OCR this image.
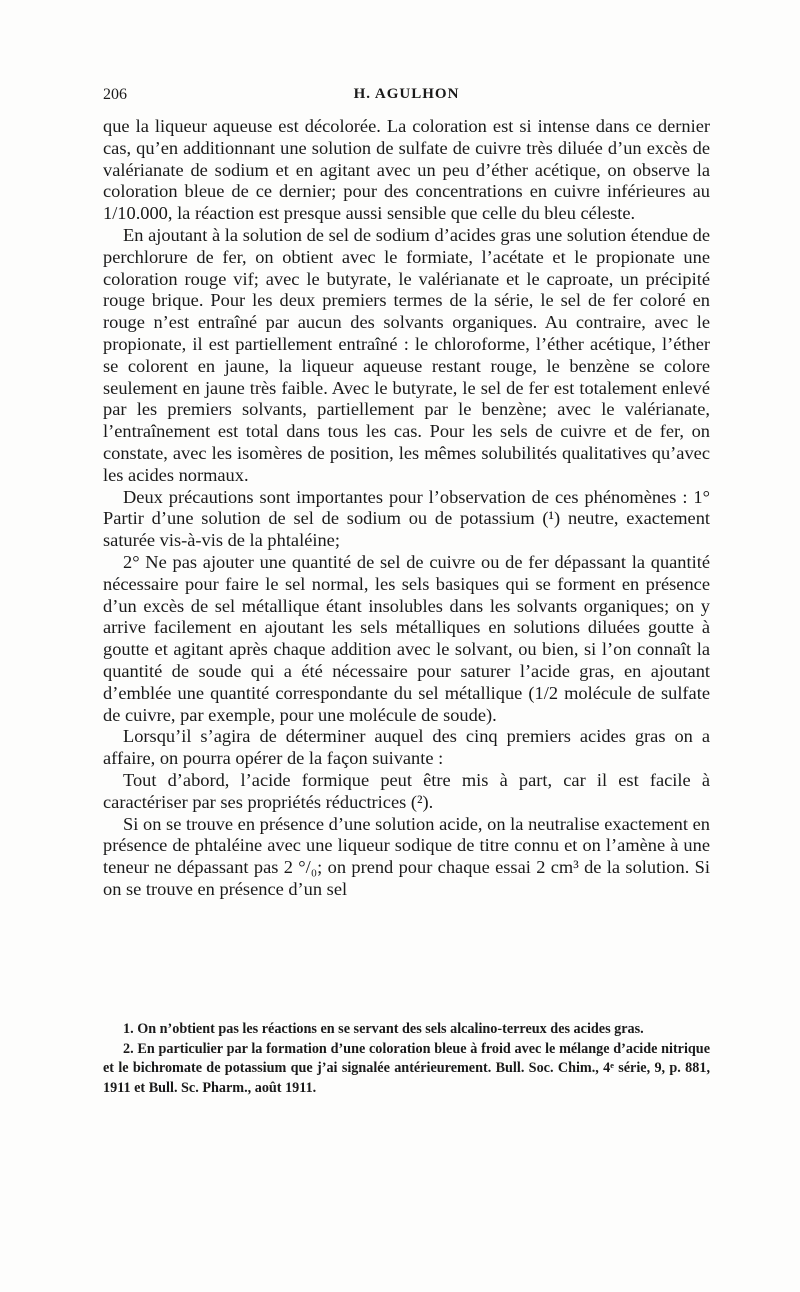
206	H. AGULHON

que la liqueur aqueuse est décolorée. La coloration est si intense dans ce dernier cas, qu’en additionnant une solution de sulfate de cuivre très diluée d’un excès de valérianate de sodium et en agitant avec un peu d’éther acétique, on observe la coloration bleue de ce dernier; pour des concentrations en cuivre inférieures au 1/10.000, la réaction est presque aussi sensible que celle du bleu céleste.

En ajoutant à la solution de sel de sodium d’acides gras une solution étendue de perchlorure de fer, on obtient avec le formiate, l’acétate et le propionate une coloration rouge vif; avec le butyrate, le valérianate et le caproate, un précipité rouge brique. Pour les deux premiers termes de la série, le sel de fer coloré en rouge n’est entraîné par aucun des solvants organiques. Au contraire, avec le propionate, il est partiellement entraîné : le chloroforme, l’éther acétique, l’éther se colorent en jaune, la liqueur aqueuse restant rouge, le benzène se colore seulement en jaune très faible. Avec le butyrate, le sel de fer est totalement enlevé par les premiers solvants, partiellement par le benzène; avec le valérianate, l’entraînement est total dans tous les cas. Pour les sels de cuivre et de fer, on constate, avec les isomères de position, les mêmes solubilités qualitatives qu’avec les acides normaux.

Deux précautions sont importantes pour l’observation de ces phénomènes : 1° Partir d’une solution de sel de sodium ou de potassium (¹) neutre, exactement saturée vis-à-vis de la phtaléine;

2° Ne pas ajouter une quantité de sel de cuivre ou de fer dépassant la quantité nécessaire pour faire le sel normal, les sels basiques qui se forment en présence d’un excès de sel métallique étant insolubles dans les solvants organiques; on y arrive facilement en ajoutant les sels métalliques en solutions diluées goutte à goutte et agitant après chaque addition avec le solvant, ou bien, si l’on connaît la quantité de soude qui a été nécessaire pour saturer l’acide gras, en ajoutant d’emblée une quantité correspondante du sel métallique (1/2 molécule de sulfate de cuivre, par exemple, pour une molécule de soude).

Lorsqu’il s’agira de déterminer auquel des cinq premiers acides gras on a affaire, on pourra opérer de la façon suivante :

Tout d’abord, l’acide formique peut être mis à part, car il est facile à caractériser par ses propriétés réductrices (²).

Si on se trouve en présence d’une solution acide, on la neutralise exactement en présence de phtaléine avec une liqueur sodique de titre connu et on l’amène à une teneur ne dépassant pas 2 °/₀; on prend pour chaque essai 2 cm³ de la solution. Si on se trouve en présence d’un sel

1. On n’obtient pas les réactions en se servant des sels alcalino-terreux des acides gras.

2. En particulier par la formation d’une coloration bleue à froid avec le mélange d’acide nitrique et le bichromate de potassium que j’ai signalée antérieurement. Bull. Soc. Chim., 4ᵉ série, 9, p. 881, 1911 et Bull. Sc. Pharm., août 1911.
